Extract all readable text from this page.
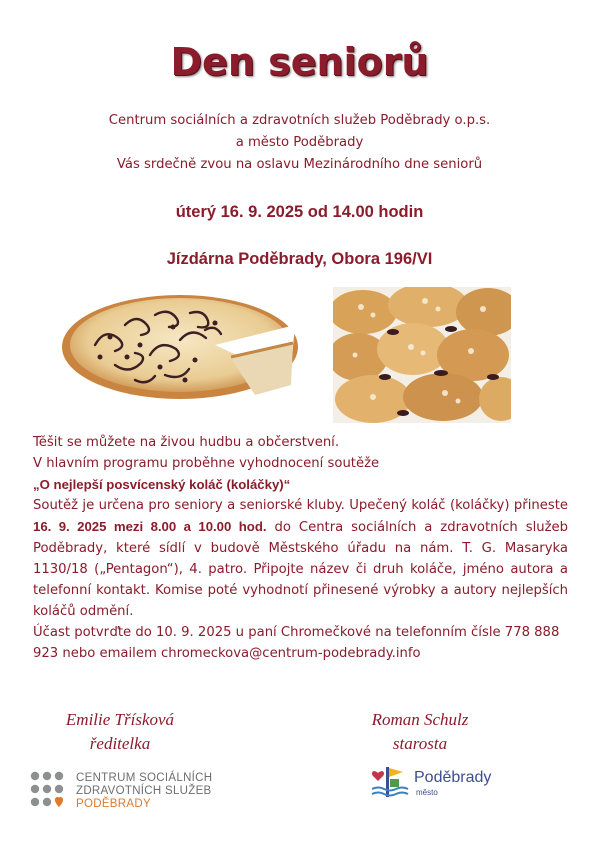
Den seniorů
Centrum sociálních a zdravotních služeb Poděbrady o.p.s.
a město Poděbrady
Vás srdečně zvou na oslavu Mezinárodního dne seniorů
úterý 16. 9. 2025 od 14.00 hodin
Jízdárna Poděbrady, Obora 196/VI

Těšit se můžete na živou hudbu a občerstvení.

V hlavním programu proběhne vyhodnocení soutěže

„O nejlepší posvícenský koláč (koláčky)“

Soutěž je určena pro seniory a seniorské kluby. Upečený koláč (koláčky) přineste 16. 9. 2025 mezi 8.00 a 10.00 hod. do Centra sociálních a zdravotních služeb Poděbrady, které sídlí v budově Městského úřadu na nám. T. G. Masaryka 1130/18 („Pentagon“), 4. patro. Připojte název či druh koláče, jméno autora a telefonní kontakt. Komise poté vyhodnotí přinesené výrobky a autory nejlepších koláčů odmění.

Účast potvrďte do 10. 9. 2025 u paní Chromečkové na telefonním čísle 778 888 923 nebo emailem chromeckova@centrum-podebrady.info

Emilie Třísková
ředitelka
Roman Schulz
starosta
CENTRUM SOCIÁLNÍCH
ZDRAVOTNÍCH SLUŽEB
PODĚBRADY
Poděbrady
město
